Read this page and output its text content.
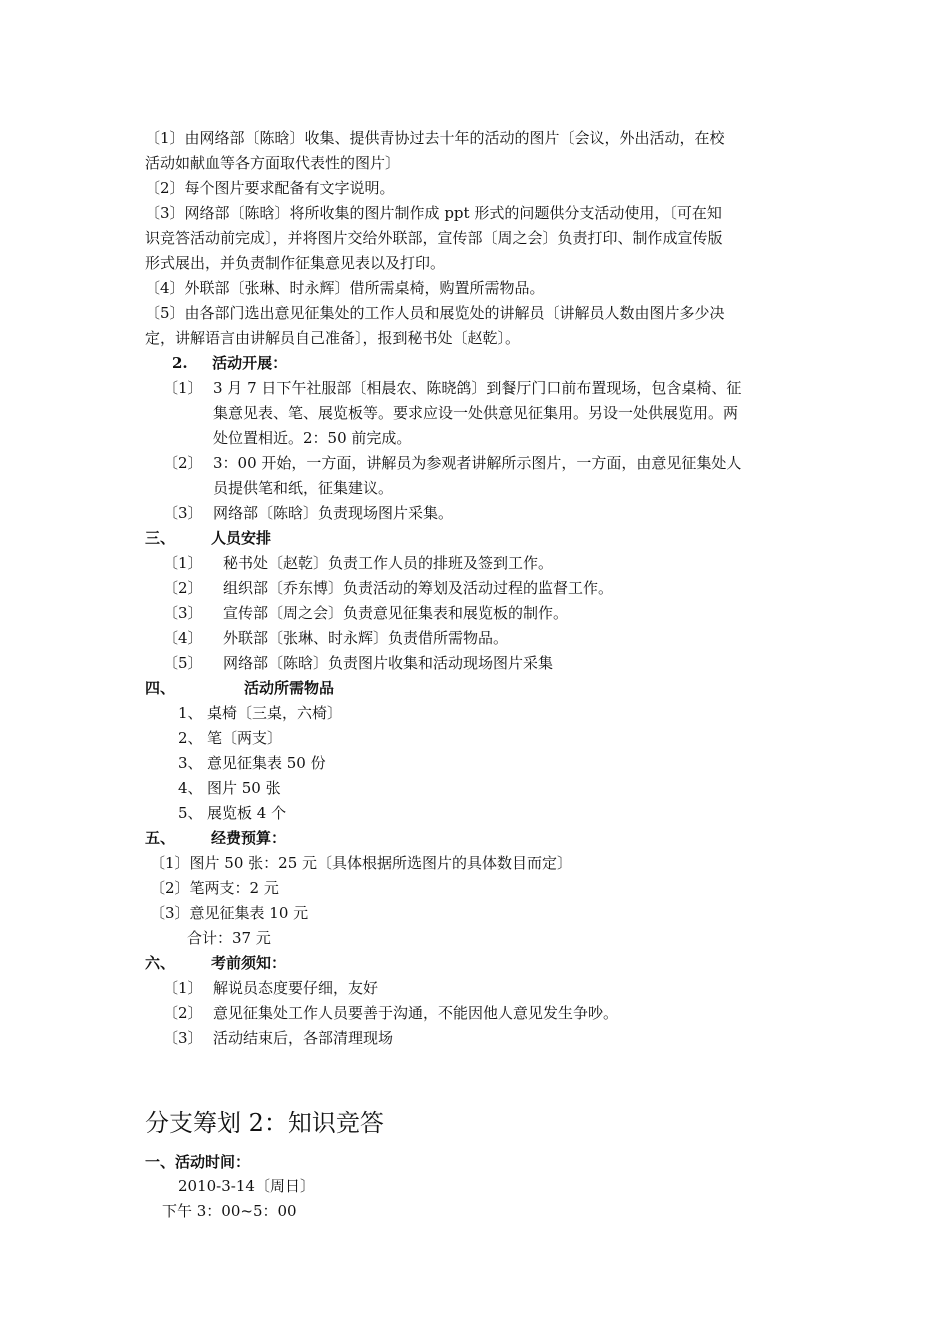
〔1〕由网络部〔陈晗〕收集、提供青协过去十年的活动的图片〔会议，外出活动，在校
活动如献血等各方面取代表性的图片〕
〔2〕每个图片要求配备有文字说明。
〔3〕网络部〔陈晗〕将所收集的图片制作成 ppt 形式的问题供分支活动使用，〔可在知
识竞答活动前完成〕，并将图片交给外联部，宣传部〔周之会〕负责打印、制作成宣传版
形式展出，并负责制作征集意见表以及打印。
〔4〕外联部〔张琳、时永辉〕借所需桌椅，购置所需物品。
〔5〕由各部门选出意见征集处的工作人员和展览处的讲解员〔讲解员人数由图片多少决
定，讲解语言由讲解员自己准备〕，报到秘书处〔赵乾〕。
2. 活动开展：
〔1〕 3 月 7 日下午社服部〔相晨农、陈晓鸽〕到餐厅门口前布置现场，包含桌椅、征
集意见表、笔、展览板等。要求应设一处供意见征集用。另设一处供展览用。两
处位置相近。2：50 前完成。
〔2〕 3：00 开始，一方面，讲解员为参观者讲解所示图片，一方面，由意见征集处人
员提供笔和纸，征集建议。
〔3〕 网络部〔陈晗〕负责现场图片采集。
三、	人员安排
〔1〕	秘书处〔赵乾〕负责工作人员的排班及签到工作。
〔2〕	组织部〔乔东博〕负责活动的筹划及活动过程的监督工作。
〔3〕	宣传部〔周之会〕负责意见征集表和展览板的制作。
〔4〕	外联部〔张琳、时永辉〕负责借所需物品。
〔5〕	网络部〔陈晗〕负责图片收集和活动现场图片采集
四、	活动所需物品
1、 桌椅〔三桌，六椅〕
2、 笔〔两支〕
3、 意见征集表 50 份
4、 图片 50 张
5、 展览板 4 个
五、	经费预算：
〔1〕图片 50 张：25 元〔具体根据所选图片的具体数目而定〕
〔2〕笔两支：2 元
〔3〕意见征集表 10 元
合计：37 元
六、	考前须知：
〔1〕 解说员态度要仔细，友好
〔2〕 意见征集处工作人员要善于沟通，不能因他人意见发生争吵。
〔3〕 活动结束后，各部清理现场
分支筹划 2：知识竞答
一、活动时间：
2010-3-14〔周日〕
下午 3：00~5：00
